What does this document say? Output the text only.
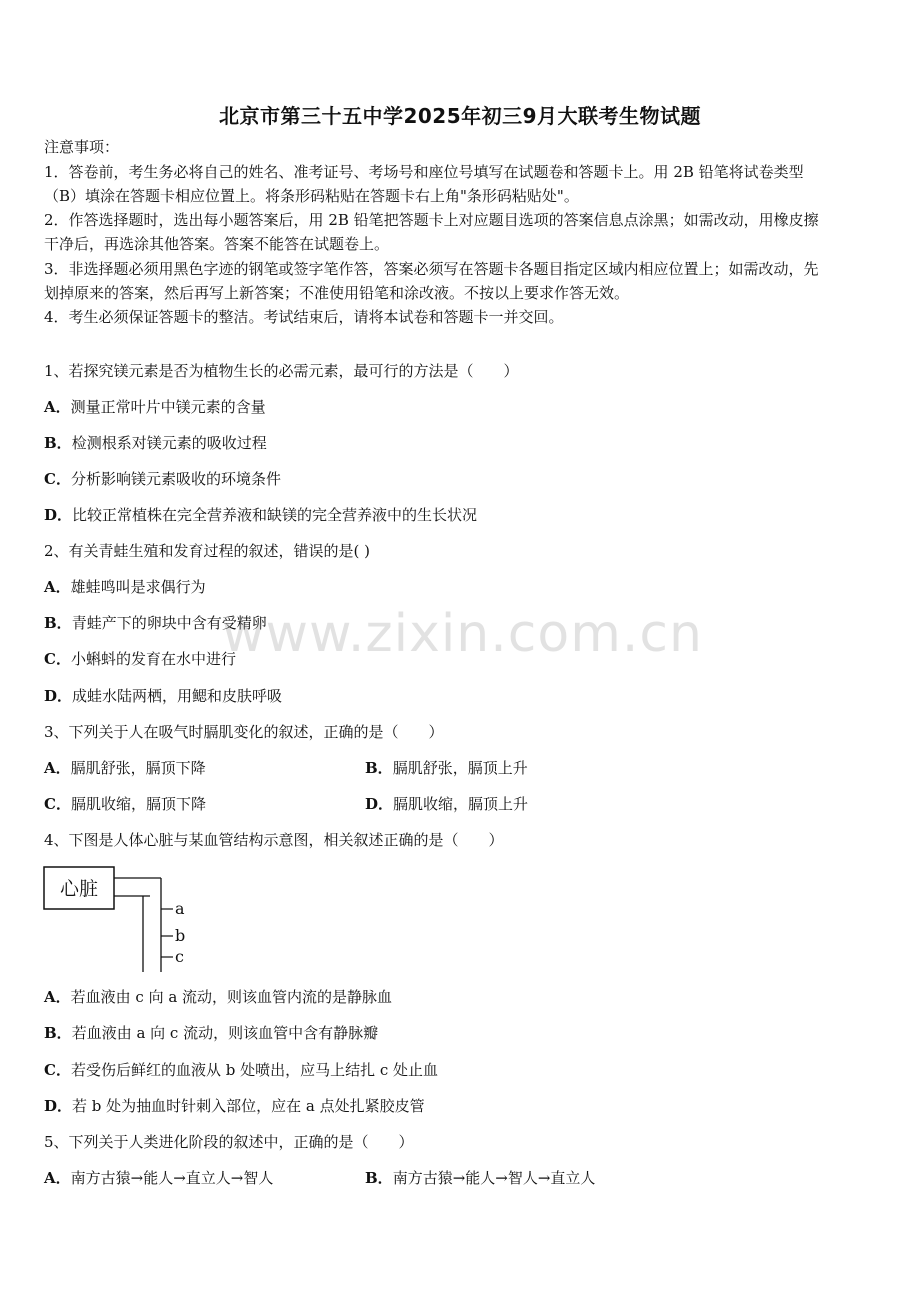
北京市第三十五中学2025年初三9月大联考生物试题
注意事项：
1．答卷前，考生务必将自己的姓名、准考证号、考场号和座位号填写在试题卷和答题卡上。用 2B 铅笔将试卷类型
（B）填涂在答题卡相应位置上。将条形码粘贴在答题卡右上角"条形码粘贴处"。
2．作答选择题时，选出每小题答案后，用 2B 铅笔把答题卡上对应题目选项的答案信息点涂黑；如需改动，用橡皮擦
干净后，再选涂其他答案。答案不能答在试题卷上。
3．非选择题必须用黑色字迹的钢笔或签字笔作答，答案必须写在答题卡各题目指定区域内相应位置上；如需改动，先
划掉原来的答案，然后再写上新答案；不准使用铅笔和涂改液。不按以上要求作答无效。
4．考生必须保证答题卡的整洁。考试结束后，请将本试卷和答题卡一并交回。
1、若探究镁元素是否为植物生长的必需元素，最可行的方法是（　　）
A．测量正常叶片中镁元素的含量
B．检测根系对镁元素的吸收过程
C．分析影响镁元素吸收的环境条件
D．比较正常植株在完全营养液和缺镁的完全营养液中的生长状况
2、有关青蛙生殖和发育过程的叙述，错误的是( )
A．雄蛙鸣叫是求偶行为
B．青蛙产下的卵块中含有受精卵
C．小蝌蚪的发育在水中进行
D．成蛙水陆两栖，用鳃和皮肤呼吸
3、下列关于人在吸气时膈肌变化的叙述，正确的是（　　）
A．膈肌舒张，膈顶下降	B．膈肌舒张，膈顶上升
C．膈肌收缩，膈顶下降	D．膈肌收缩，膈顶上升
4、下图是人体心脏与某血管结构示意图，相关叙述正确的是（　　）
心脏
a
b
c
A．若血液由 c 向 a 流动，则该血管内流的是静脉血
B．若血液由 a 向 c 流动，则该血管中含有静脉瓣
C．若受伤后鲜红的血液从 b 处喷出，应马上结扎 c 处止血
D．若 b 处为抽血时针刺入部位，应在 a 点处扎紧胶皮管
5、下列关于人类进化阶段的叙述中，正确的是（　　）
A．南方古猿→能人→直立人→智人	B．南方古猿→能人→智人→直立人
www.zixin.com.cn
